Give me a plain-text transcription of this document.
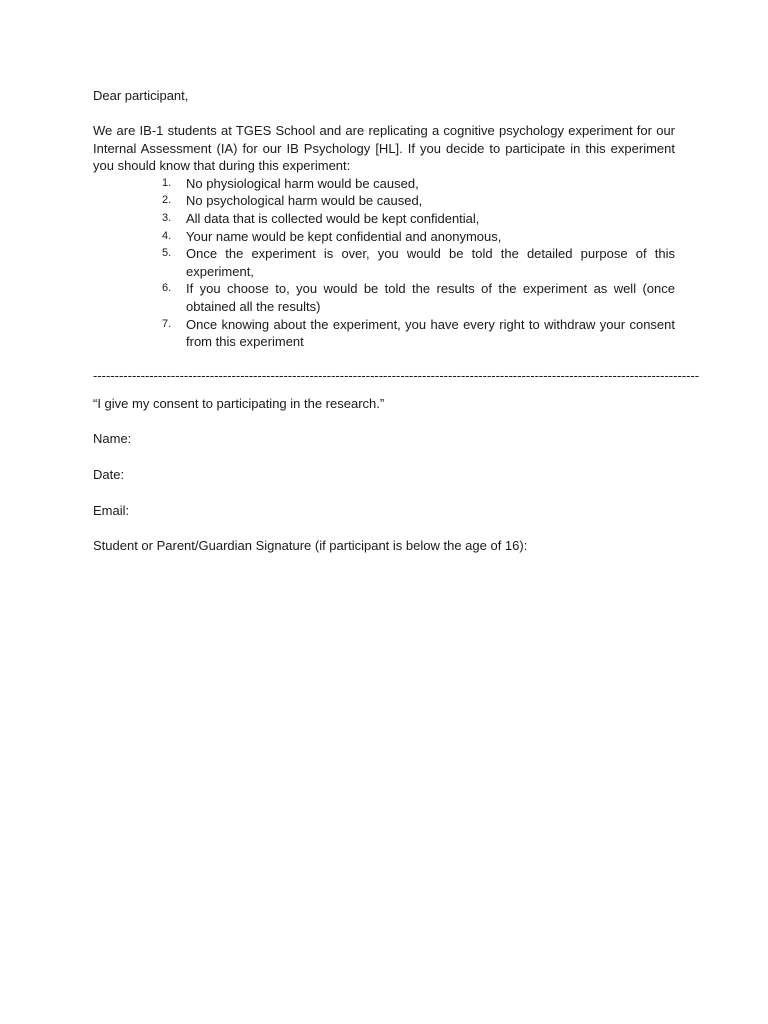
Dear participant,

We are IB-1 students at TGES School and are replicating a cognitive psychology experiment for our Internal Assessment (IA) for our IB Psychology [HL]. If you decide to participate in this experiment you should know that during this experiment:

1.	No physiological harm would be caused,
2.	No psychological harm would be caused,
3.	All data that is collected would be kept confidential,
4.	Your name would be kept confidential and anonymous,
5.	Once the experiment is over, you would be told the detailed purpose of this experiment,
6.	If you choose to, you would be told the results of the experiment as well (once obtained all the results)
7.	Once knowing about the experiment, you have every right to withdraw your consent from this experiment
--------------------------------------------------------------------------------------------------------------------------------------------

“I give my consent to participating in the research.”

Name:

Date:

Email:

Student or Parent/Guardian Signature (if participant is below the age of 16):
